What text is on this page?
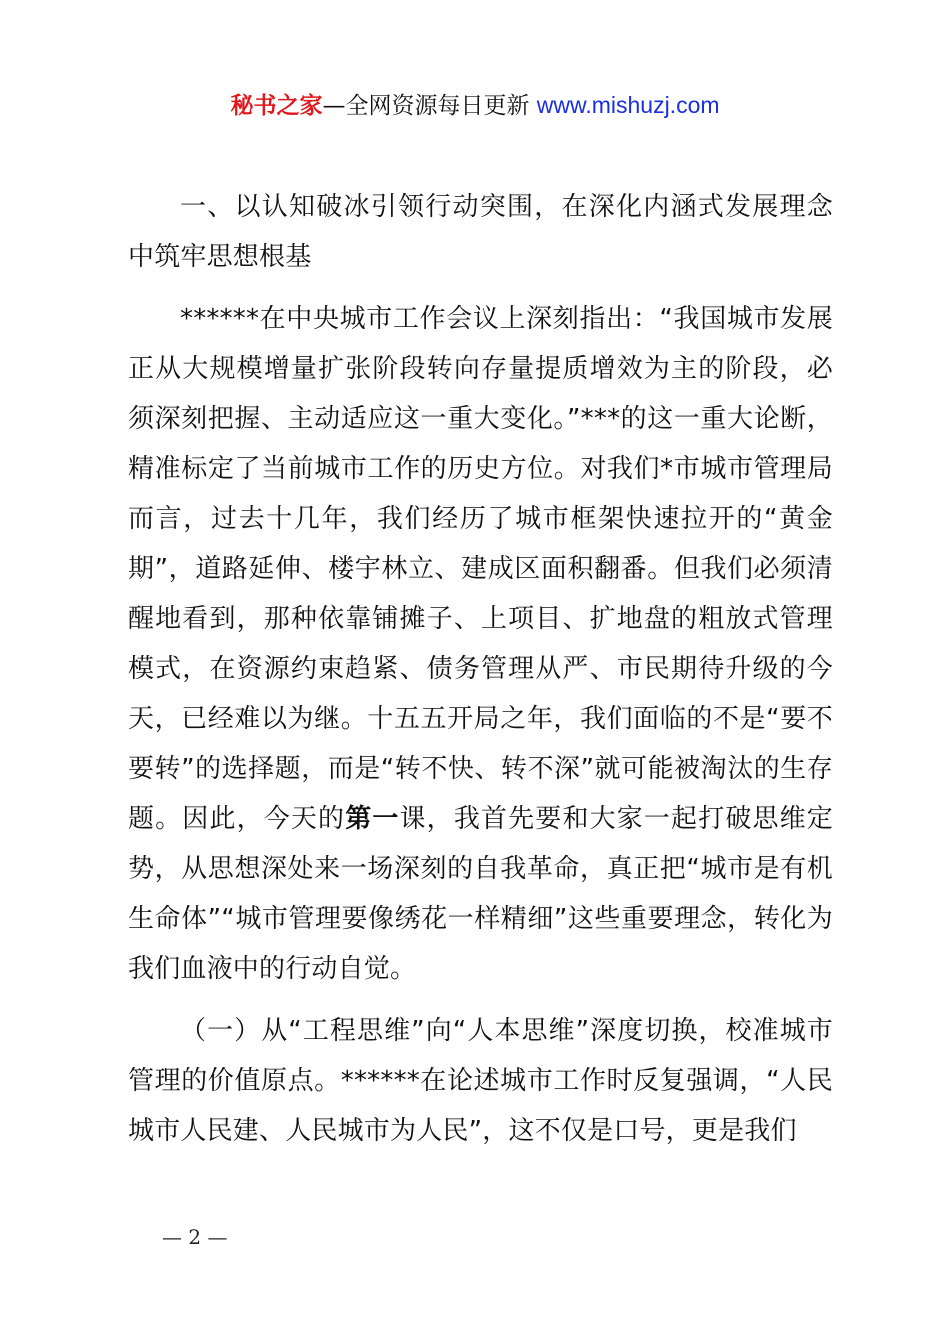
秘书之家—全网资源每日更新 www.mishuzj.com

一、以认知破冰引领行动突围，在深化内涵式发展理念中筑牢思想根基

******在中央城市工作会议上深刻指出：“我国城市发展正从大规模增量扩张阶段转向存量提质增效为主的阶段，必须深刻把握、主动适应这一重大变化。”***的这一重大论断，精准标定了当前城市工作的历史方位。对我们*市城市管理局而言，过去十几年，我们经历了城市框架快速拉开的“黄金期”，道路延伸、楼宇林立、建成区面积翻番。但我们必须清醒地看到，那种依靠铺摊子、上项目、扩地盘的粗放式管理模式，在资源约束趋紧、债务管理从严、市民期待升级的今天，已经难以为继。十五五开局之年，我们面临的不是“要不要转”的选择题，而是“转不快、转不深”就可能被淘汰的生存题。因此，今天的第一课，我首先要和大家一起打破思维定势，从思想深处来一场深刻的自我革命，真正把“城市是有机生命体”“城市管理要像绣花一样精细”这些重要理念，转化为我们血液中的行动自觉。

（一）从“工程思维”向“人本思维”深度切换，校准城市管理的价值原点。******在论述城市工作时反复强调，“人民城市人民建、人民城市为人民”，这不仅是口号，更是我们

— 2 —
